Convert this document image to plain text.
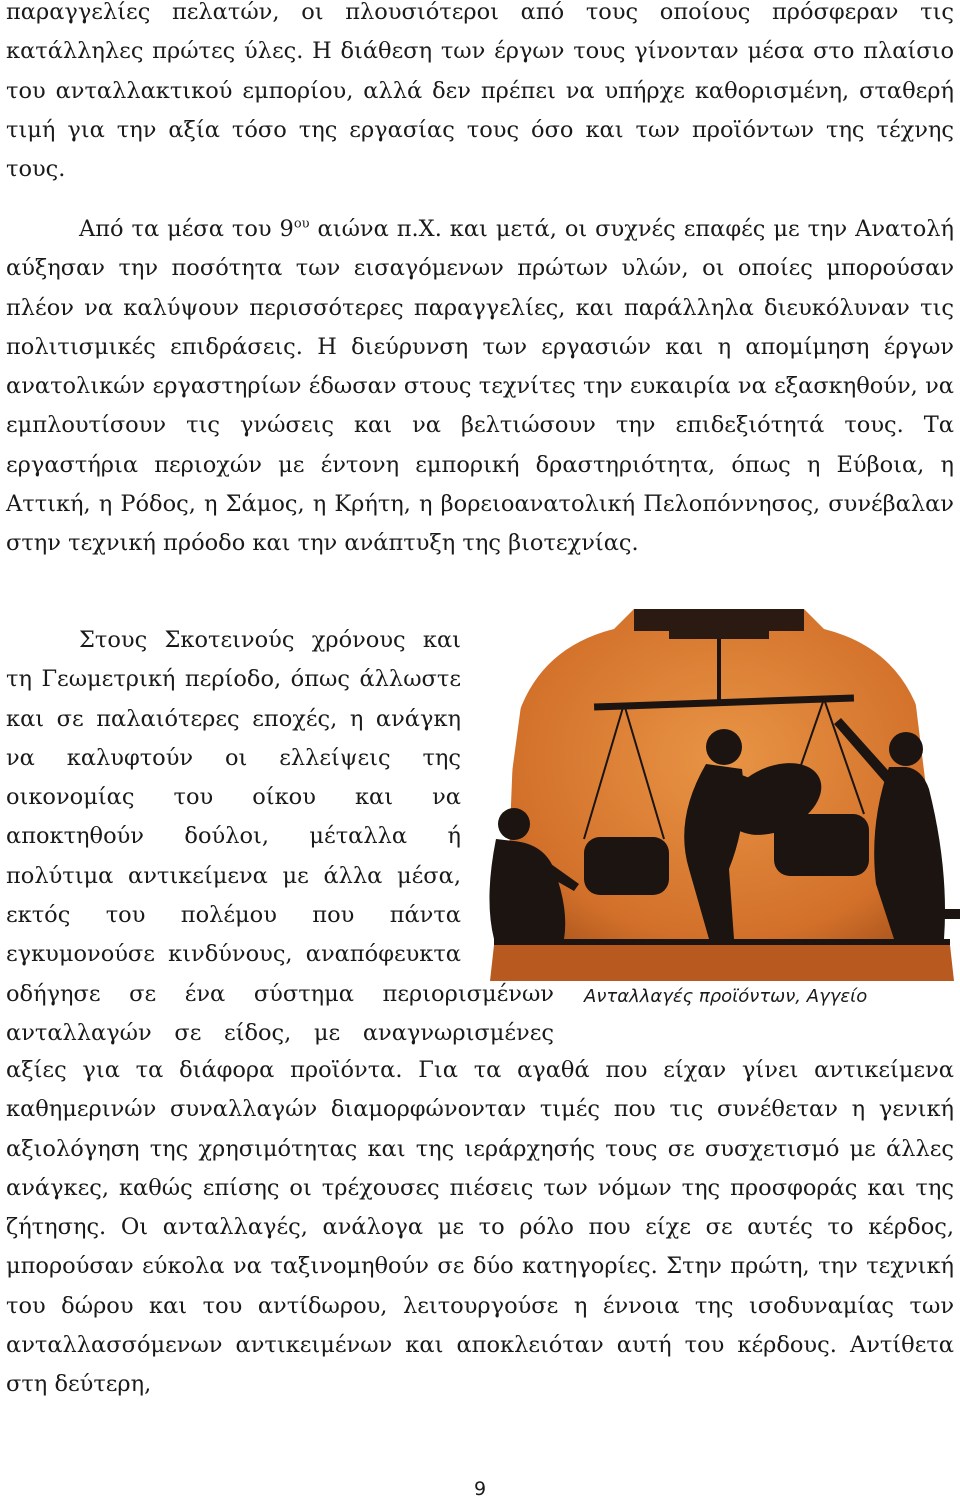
παραγγελίες πελατών, οι πλουσιότεροι από τους οποίους πρόσφεραν τις κατάλληλες πρώτες ύλες. Η διάθεση των έργων τους γίνονταν μέσα στο πλαίσιο του ανταλλακτικού εμπορίου, αλλά δεν πρέπει να υπήρχε καθορισμένη, σταθερή τιμή για την αξία τόσο της εργασίας τους όσο και των προϊόντων της τέχνης τους.

Από τα μέσα του $9^{o\upsilon}$ αιώνα π.Χ. και μετά, οι συχνές επαφές με την Ανατολή αύξησαν την ποσότητα των εισαγόμενων πρώτων υλών, οι οποίες μπορούσαν πλέον να καλύψουν περισσότερες παραγγελίες, και παράλληλα διευκόλυναν τις πολιτισμικές επιδράσεις. Η διεύρυνση των εργασιών και η απομίμηση έργων ανατολικών εργαστηρίων έδωσαν στους τεχνίτες την ευκαιρία να εξασκηθούν, να εμπλουτίσουν τις γνώσεις και να βελτιώσουν την επιδεξιότητά τους. Τα εργαστήρια περιοχών με έντονη εμπορική δραστηριότητα, όπως η Εύβοια, η Αττική, η Ρόδος, η Σάμος, η Κρήτη, η βορειοανατολική Πελοπόννησος, συνέβαλαν στην τεχνική πρόοδο και την ανάπτυξη της βιοτεχνίας.

Στους Σκοτεινούς χρόνους και τη Γεωμετρική περίοδο, όπως άλλωστε και σε παλαιότερες εποχές, η ανάγκη να καλυφτούν οι ελλείψεις της οικονομίας του οίκου και να αποκτηθούν δούλοι, μέταλλα ή πολύτιμα αντικείμενα με άλλα μέσα, εκτός του πολέμου που πάντα εγκυμονούσε κινδύνους, αναπόφευκτα

οδήγησε σε ένα σύστημα περιορισμένων ανταλλαγών σε είδος, με αναγνωρισμένες

αξίες για τα διάφορα προϊόντα. Για τα αγαθά που είχαν γίνει αντικείμενα καθημερινών συναλλαγών διαμορφώνονταν τιμές που τις συνέθεταν η γενική αξιολόγηση της χρησιμότητας και της ιεράρχησής τους σε συσχετισμό με άλλες ανάγκες, καθώς επίσης οι τρέχουσες πιέσεις των νόμων της προσφοράς και της ζήτησης. Οι ανταλλαγές, ανάλογα με το ρόλο που είχε σε αυτές το κέρδος, μπορούσαν εύκολα να ταξινομηθούν σε δύο κατηγορίες. Στην πρώτη, την τεχνική του δώρου και του αντίδωρου, λειτουργούσε η έννοια της ισοδυναμίας των ανταλλασσόμενων αντικειμένων και αποκλειόταν αυτή του κέρδους. Αντίθετα στη δεύτερη,

Ανταλλαγές προϊόντων, Αγγείο
9
